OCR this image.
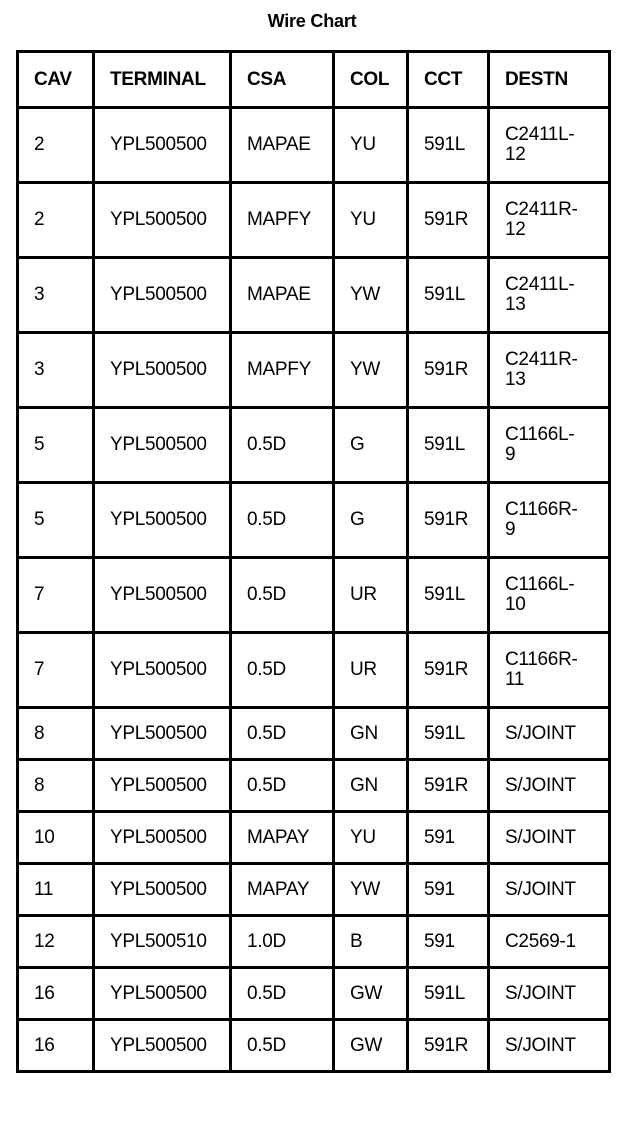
Wire Chart
CAV	TERMINAL	CSA	COL	CCT	DESTN
2	YPL500500	MAPAE	YU	591L	C2411L-
12
2	YPL500500	MAPFY	YU	591R	C2411R-
12
3	YPL500500	MAPAE	YW	591L	C2411L-
13
3	YPL500500	MAPFY	YW	591R	C2411R-
13
5	YPL500500	0.5D	G	591L	C1166L-
9
5	YPL500500	0.5D	G	591R	C1166R-
9
7	YPL500500	0.5D	UR	591L	C1166L-
10
7	YPL500500	0.5D	UR	591R	C1166R-
11
8	YPL500500	0.5D	GN	591L	S/JOINT
8	YPL500500	0.5D	GN	591R	S/JOINT
10	YPL500500	MAPAY	YU	591	S/JOINT
11	YPL500500	MAPAY	YW	591	S/JOINT
12	YPL500510	1.0D	B	591	C2569-1
16	YPL500500	0.5D	GW	591L	S/JOINT
16	YPL500500	0.5D	GW	591R	S/JOINT
